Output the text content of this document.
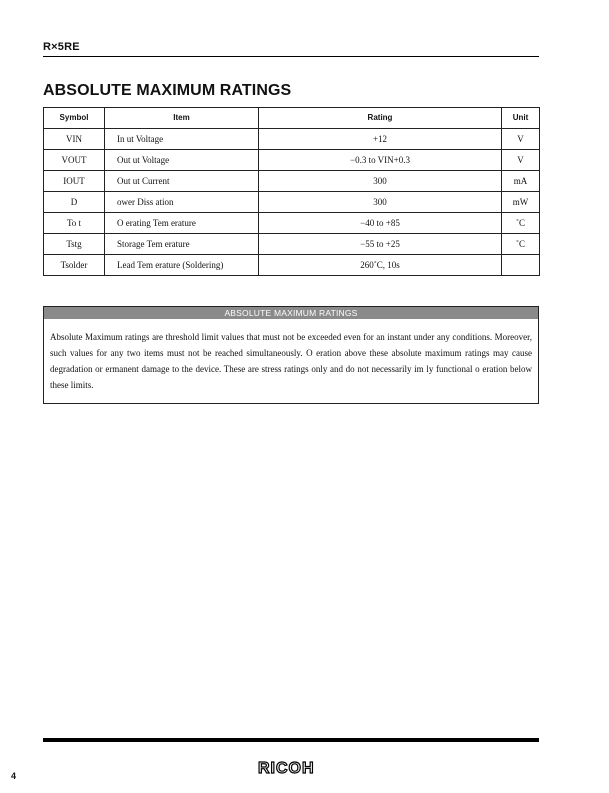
R×5RE
ABSOLUTE MAXIMUM RATINGS
Symbol	Item	Rating	Unit
VIN	In ut Voltage	+12	V
VOUT	Out ut Voltage	−0.3 to VIN+0.3	V
IOUT	Out ut Current	300	mA
D	ower Diss ation	300	mW
To t	O erating Tem erature	−40 to +85	˚C
Tstg	Storage Tem erature	−55 to +25	˚C
Tsolder	Lead Tem erature (Soldering)	260˚C, 10s	
ABSOLUTE MAXIMUM RATINGS

Absolute Maximum ratings are threshold limit values that must not be exceeded even for an instant under any conditions. Moreover, such values for any two items must not be reached simultaneously. O eration above these absolute maximum ratings may cause degradation or ermanent damage to the device. These are stress ratings only and do not necessarily im ly functional o eration below these limits.

4	RICOH
